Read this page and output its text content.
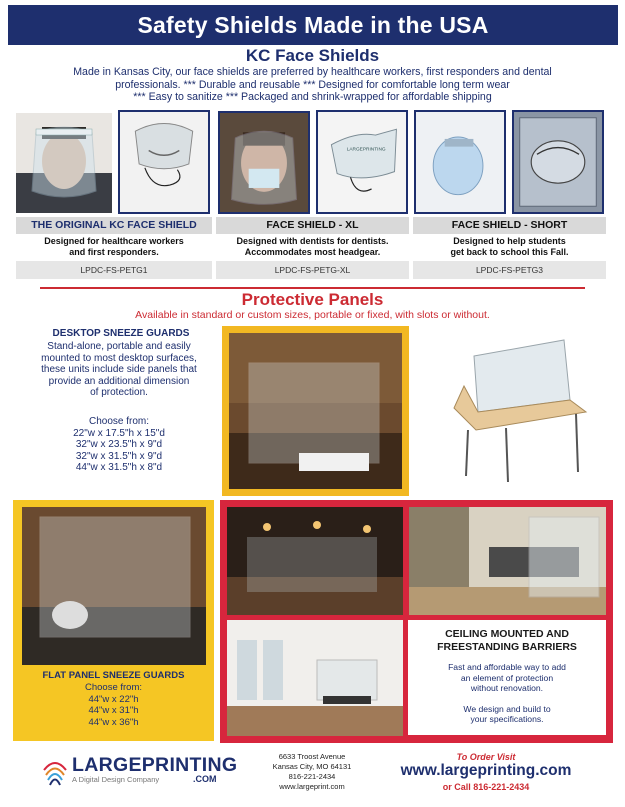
Safety Shields Made in the USA
KC Face Shields
Made in Kansas City, our face shields are preferred by healthcare workers, first responders and dental
professionals. *** Durable and reusable *** Designed for comfortable long term wear
*** Easy to sanitize *** Packaged and shrink-wrapped for affordable shipping
LARGEPRINTING
THE ORIGINAL KC FACE SHIELD	FACE SHIELD - XL	FACE SHIELD - SHORT
Designed for healthcare workers
and first responders.
Designed with dentists for dentists.
Accommodates most headgear.
Designed to help students
get back to school this Fall.
LPDC-FS-PETG1	LPDC-FS-PETG-XL	LPDC-FS-PETG3
Protective Panels
Available in standard or custom sizes, portable or fixed, with slots or without.
DESKTOP SNEEZE GUARDS
Stand-alone, portable and easily
mounted to most desktop surfaces,
these units include side panels that
provide an additional dimension
of protection.
Choose from:
22"w x 17.5"h x 15"d
32"w x 23.5"h x 9"d
32"w x 31.5"h x 9"d
44"w x 31.5"h x 8"d
FLAT PANEL SNEEZE GUARDS
Choose from:
44"w x 22"h
44"w x 31"h
44"w x 36"h
CEILING MOUNTED AND
FREESTANDING BARRIERS
Fast and affordable way to add
an element of protection
without renovation.
We design and build to
your specifications.
LARGEPRINTING
A Digital Design Company	.COM
6633 Troost Avenue
Kansas City, MO 64131
816-221-2434
www.largeprint.com
To Order Visit
www.largeprinting.com
or Call 816-221-2434
